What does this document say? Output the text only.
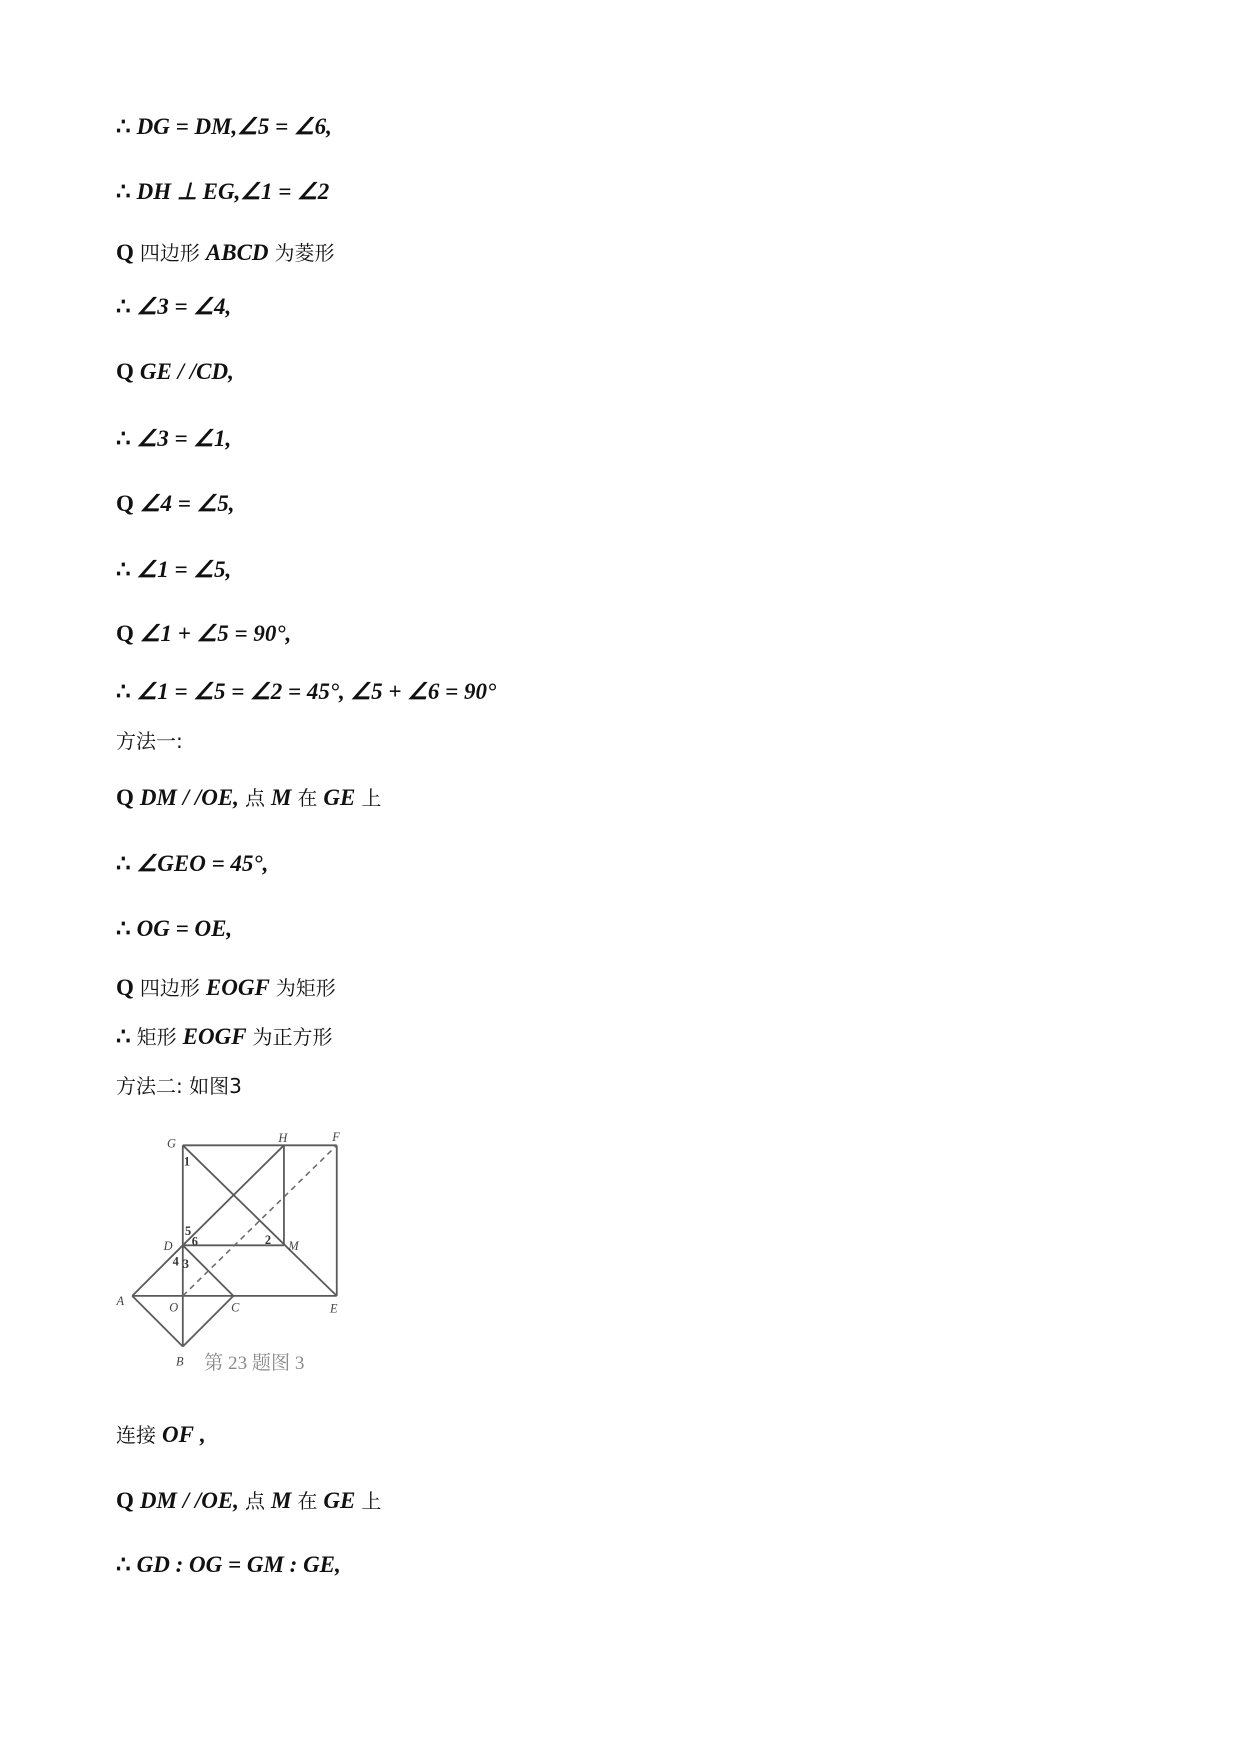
∴ DG = DM,∠5 = ∠6,
∴ DH ⊥ EG,∠1 = ∠2
Q 四边形 ABCD 为菱形
∴ ∠3 = ∠4,
Q GE / /CD,
∴ ∠3 = ∠1,
Q ∠4 = ∠5,
∴ ∠1 = ∠5,
Q ∠1 + ∠5 = 90°,
∴ ∠1 = ∠5 = ∠2 = 45°, ∠5 + ∠6 = 90°
方法一:
Q DM / /OE, 点 M 在 GE 上
∴ ∠GEO = 45°,
∴ OG = OE,
Q 四边形 EOGF 为矩形
∴ 矩形 EOGF 为正方形
方法二: 如图3
G	H	F
D	M
A	O	C	E
B
1
2
3
4
5
6
第 23 题图 3
连接 OF ,
Q DM / /OE, 点 M 在 GE 上
∴ GD : OG = GM : GE,
